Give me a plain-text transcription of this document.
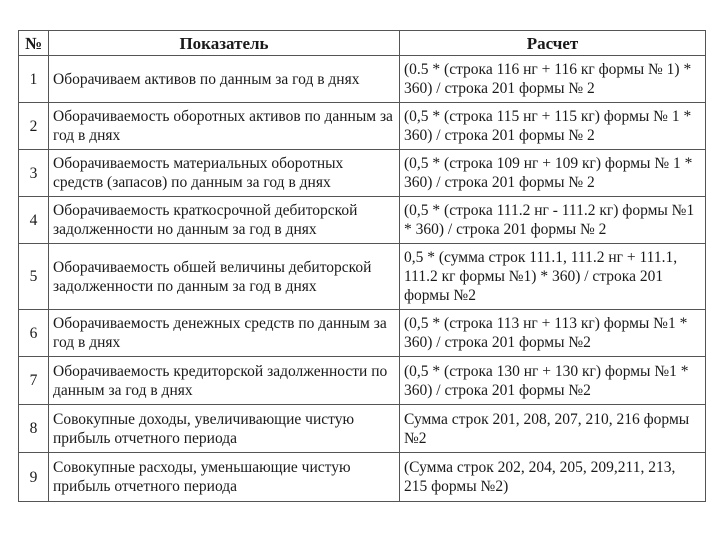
№	Показатель	Расчет
1	Оборачиваем активов по данным за год в днях	(0.5 * (строка 116 нг + 116 кг формы № 1) * 360) / строка 201 формы № 2
2	Оборачиваемость оборотных активов по данным за год в днях	(0,5 * (строка 115 нг + 115 кг) формы № 1 * 360) / строка 201 формы № 2
3	Оборачиваемость материальных оборотных средств (запасов) по данным за год в днях	(0,5 * (строка 109 нг + 109 кг) формы № 1 * 360) / строка 201 формы № 2
4	Оборачиваемость краткосрочной дебиторской задолженности но данным за год в днях	(0,5 * (строка 111.2 нг - 111.2 кг) формы №1 * 360) / строка 201 формы № 2
5	Оборачиваемость обшей величины дебиторской задолженности по данным за год в днях	0,5 * (сумма строк 111.1, 111.2 нг + 111.1, 111.2 кг формы №1) * 360) / строка 201 формы №2
6	Оборачиваемость денежных средств по данным за год в днях	(0,5 * (строка 113 нг + 113 кг) формы №1 * 360) / строка 201 формы №2
7	Оборачиваемость кредиторской задолженности по данным за год в днях	(0,5 * (строка 130 нг + 130 кг) формы №1 * 360) / строка 201 формы №2
8	Совокупные доходы, увеличивающие чистую прибыль отчетного периода	Сумма строк 201, 208, 207, 210, 216 формы №2
9	Совокупные расходы, уменьшающие чистую прибыль отчетного периода	(Сумма строк 202, 204, 205, 209,211, 213, 215 формы №2)
